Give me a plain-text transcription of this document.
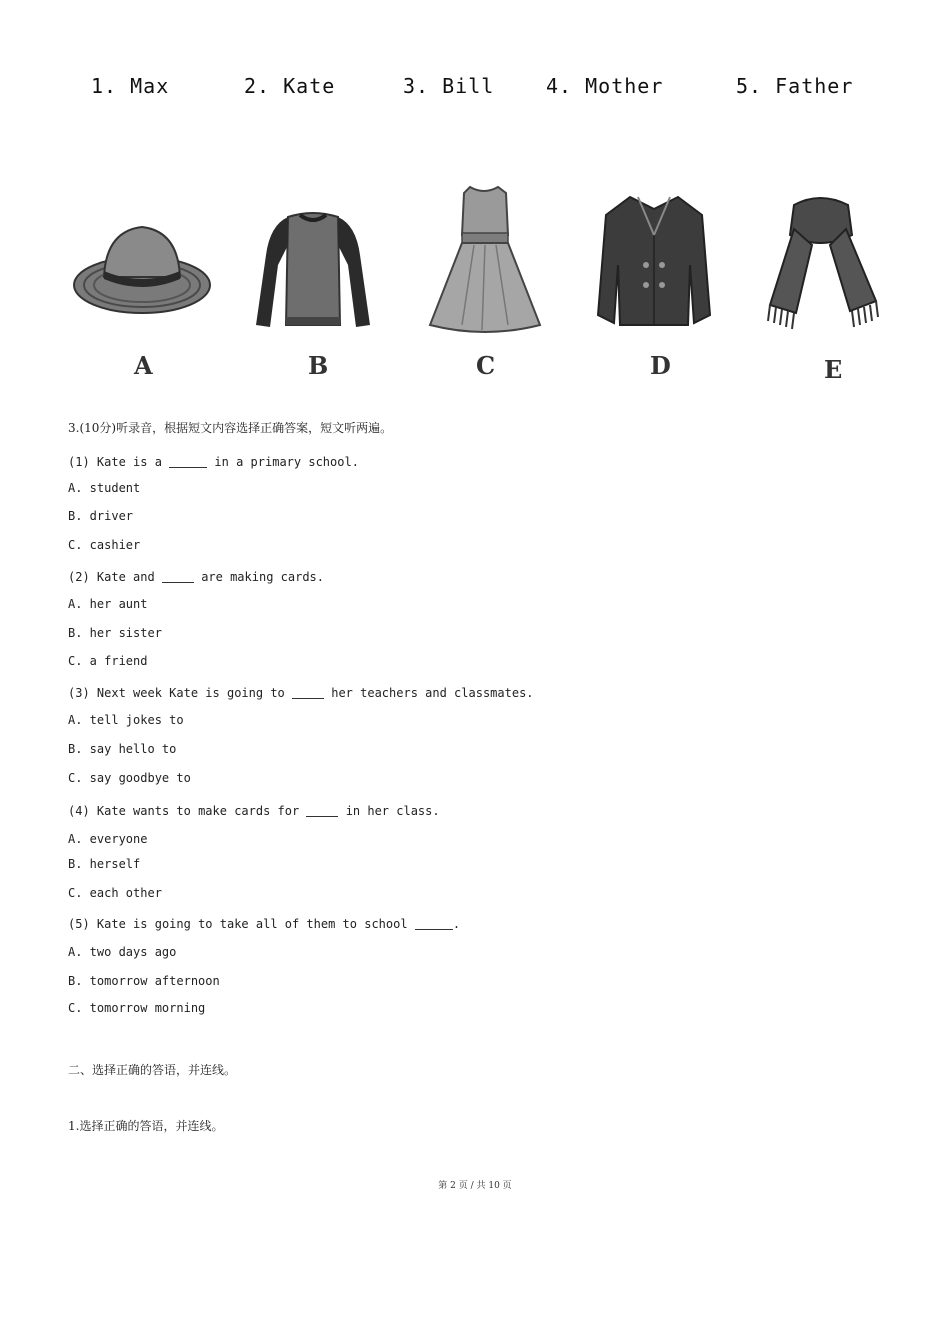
1. Max	2. Kate	3. Bill	4. Mother	5. Father
A	B	C	D	E
3.(10分)听录音，根据短文内容选择正确答案，短文听两遍。
(1) Kate is a	in a primary school.
A. student
B. driver
C. cashier
(2) Kate and	are making cards.
A. her aunt
B. her sister
C. a friend
(3) Next week Kate is going to	her teachers and classmates.
A. tell jokes to
B. say hello to
C. say goodbye to
(4) Kate wants to make cards for	in her class.
A. everyone
B. herself
C. each other
(5) Kate is going to take all of them to school	.
A. two days ago
B. tomorrow afternoon
C. tomorrow morning
二、选择正确的答语，并连线。
1.选择正确的答语，并连线。
第 2 页 / 共 10 页
